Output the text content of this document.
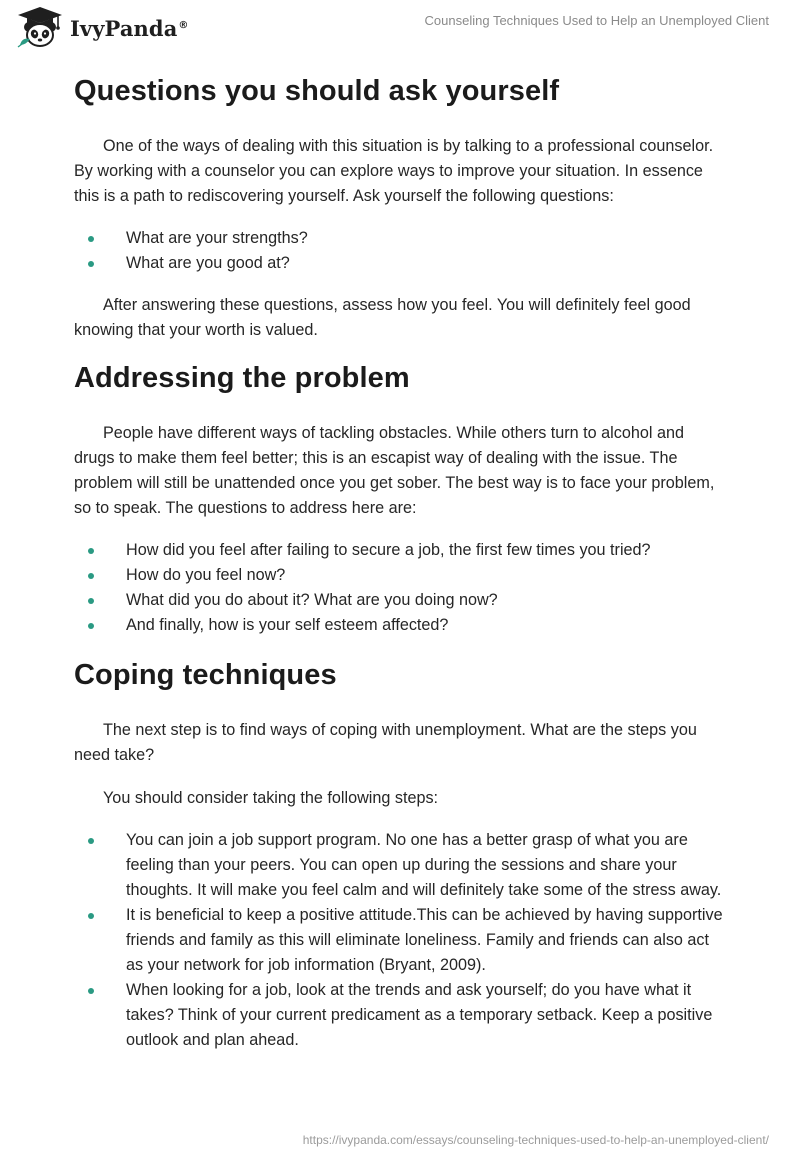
IvyPanda®	Counseling Techniques Used to Help an Unemployed Client
Questions you should ask yourself

One of the ways of dealing with this situation is by talking to a professional counselor. By working with a counselor you can explore ways to improve your situation. In essence this is a path to rediscovering yourself. Ask yourself the following questions:

What are your strengths?
What are you good at?

After answering these questions, assess how you feel. You will definitely feel good knowing that your worth is valued.

Addressing the problem

People have different ways of tackling obstacles. While others turn to alcohol and drugs to make them feel better; this is an escapist way of dealing with the issue. The problem will still be unattended once you get sober. The best way is to face your problem, so to speak. The questions to address here are:

How did you feel after failing to secure a job, the first few times you tried?
How do you feel now?
What did you do about it? What are you doing now?
And finally, how is your self esteem affected?
Coping techniques

The next step is to find ways of coping with unemployment. What are the steps you need take?

You should consider taking the following steps:

You can join a job support program. No one has a better grasp of what you are feeling than your peers. You can open up during the sessions and share your thoughts. It will make you feel calm and will definitely take some of the stress away.
It is beneficial to keep a positive attitude.This can be achieved by having supportive friends and family as this will eliminate loneliness. Family and friends can also act as your network for job information (Bryant, 2009).
When looking for a job, look at the trends and ask yourself; do you have what it takes? Think of your current predicament as a temporary setback. Keep a positive outlook and plan ahead.
https://ivypanda.com/essays/counseling-techniques-used-to-help-an-unemployed-client/
